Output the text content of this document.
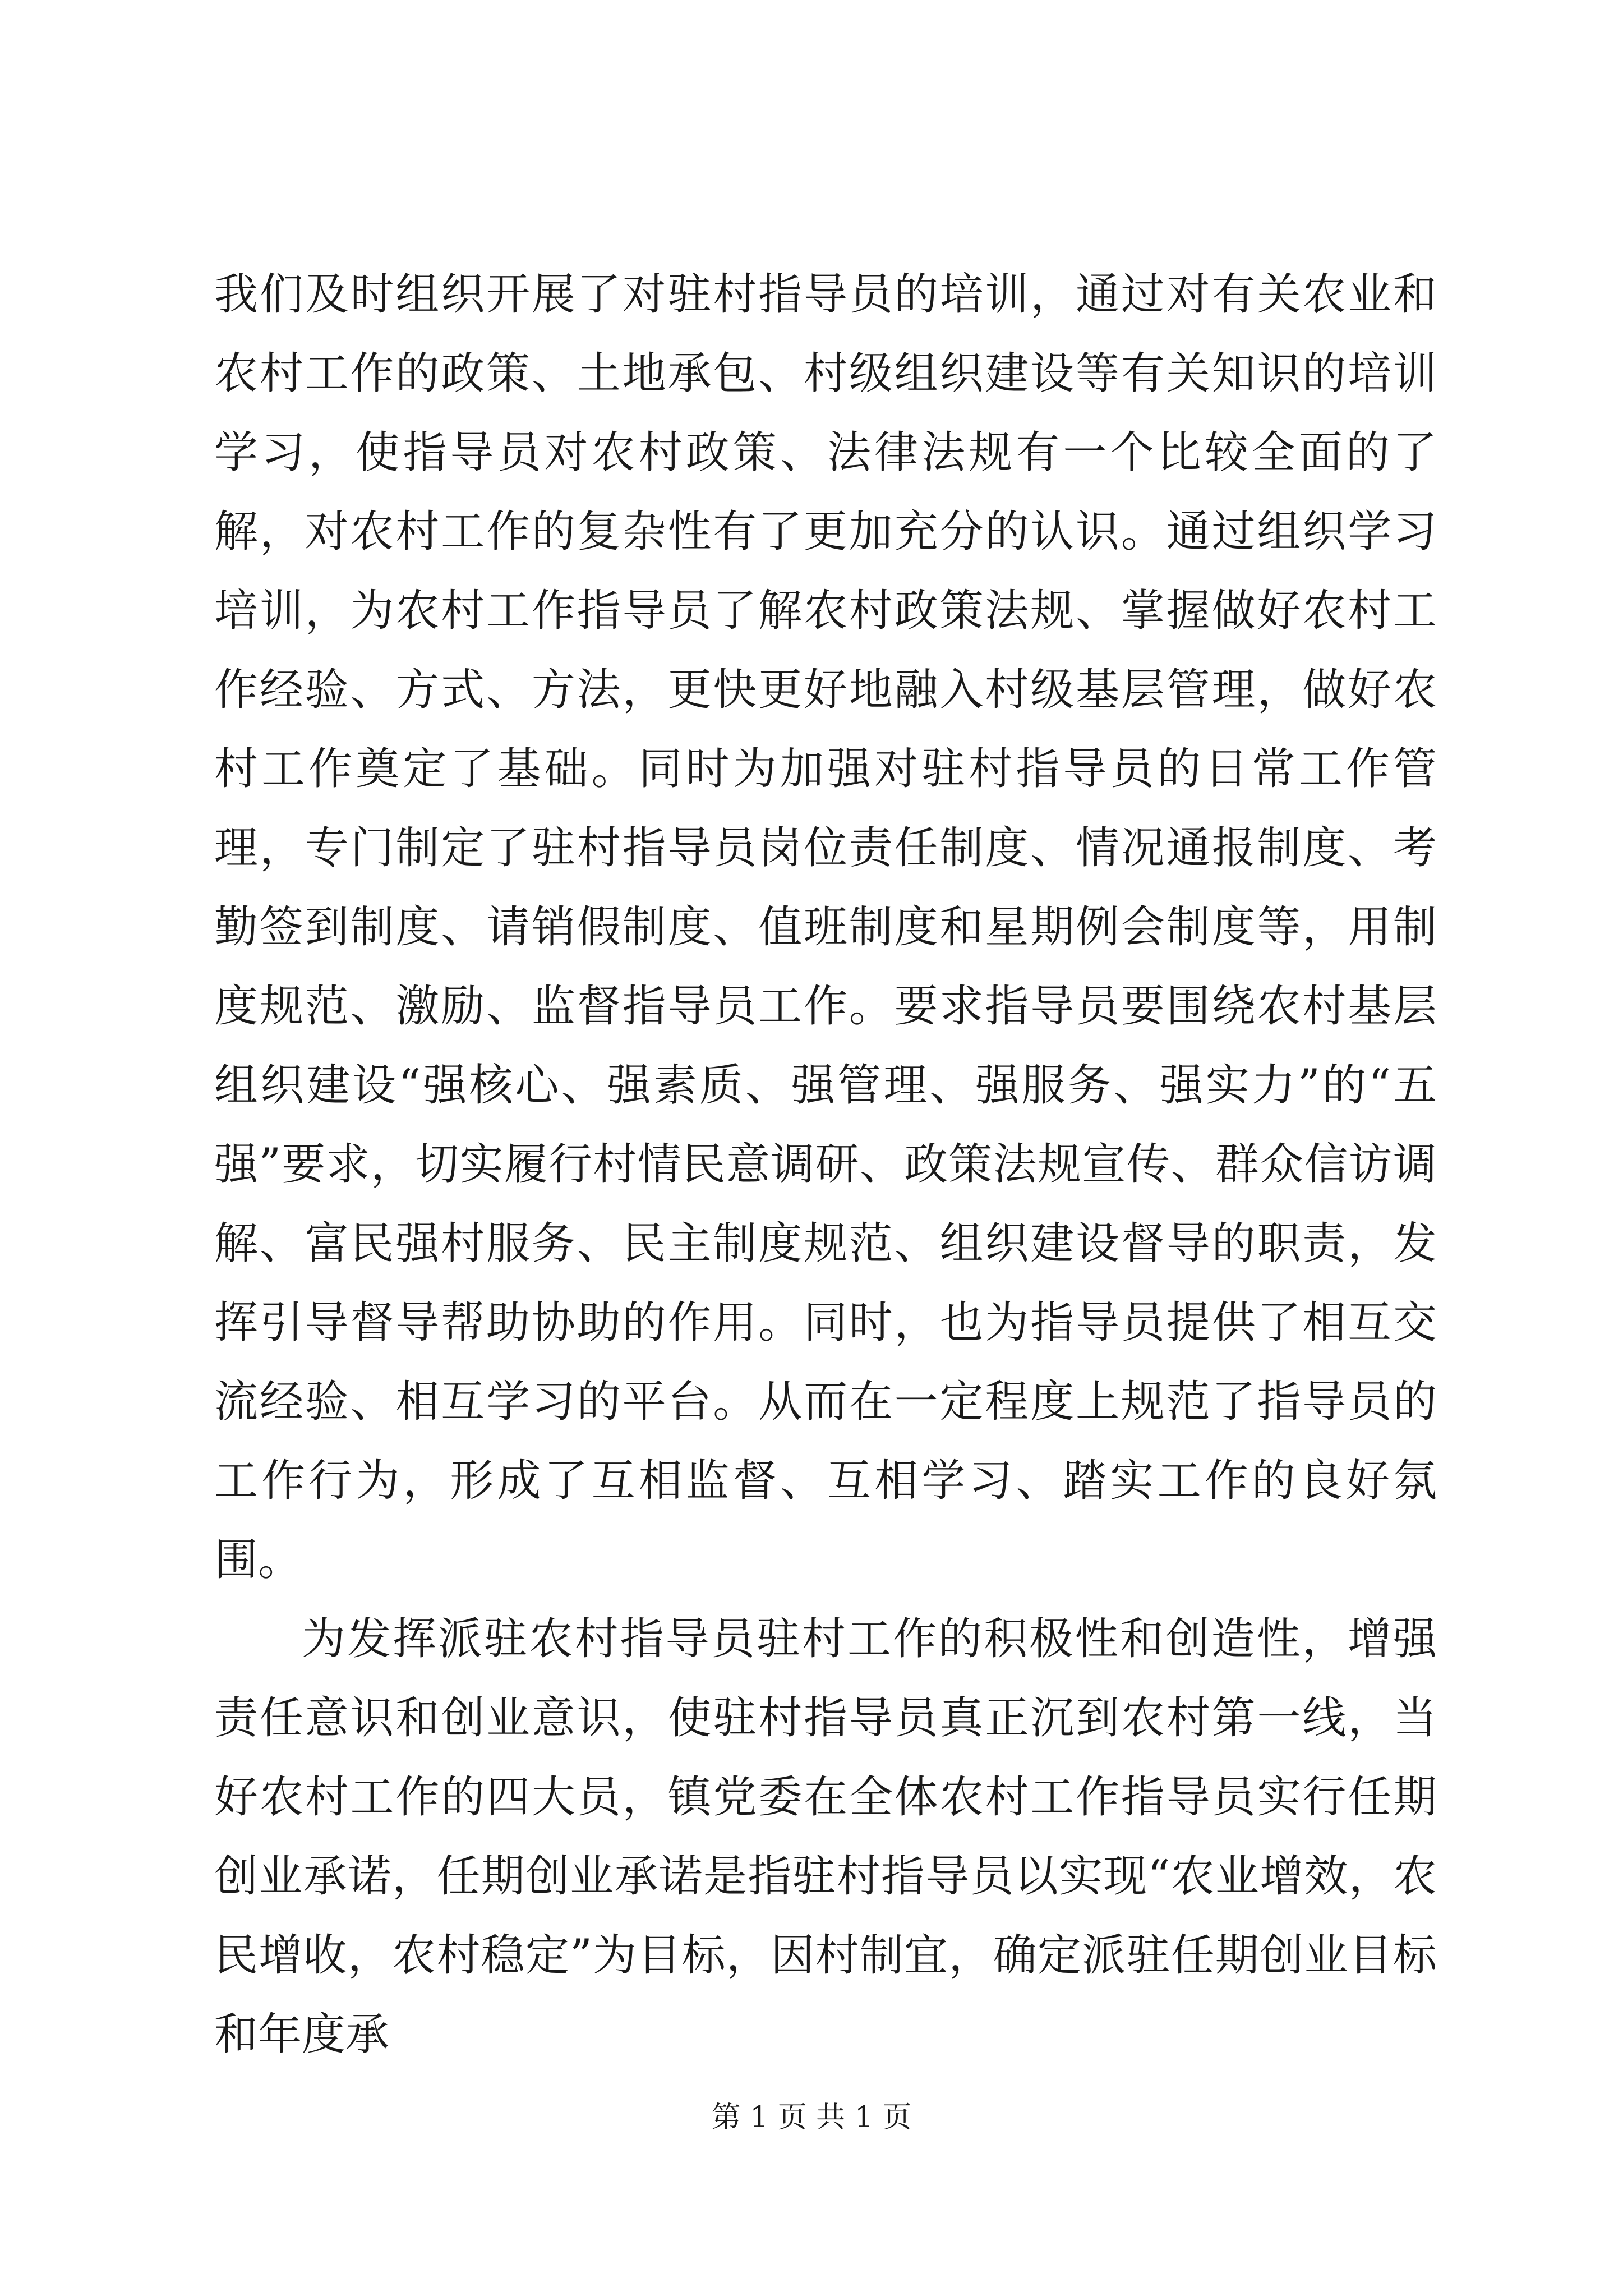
我们及时组织开展了对驻村指导员的培训，通过对有关农业和农村工作的政策、土地承包、村级组织建设等有关知识的培训学习，使指导员对农村政策、法律法规有一个比较全面的了解，对农村工作的复杂性有了更加充分的认识。通过组织学习培训，为农村工作指导员了解农村政策法规、掌握做好农村工作经验、方式、方法，更快更好地融入村级基层管理，做好农村工作奠定了基础。同时为加强对驻村指导员的日常工作管理，专门制定了驻村指导员岗位责任制度、情况通报制度、考勤签到制度、请销假制度、值班制度和星期例会制度等，用制度规范、激励、监督指导员工作。要求指导员要围绕农村基层组织建设“强核心、强素质、强管理、强服务、强实力”的“五强”要求，切实履行村情民意调研、政策法规宣传、群众信访调解、富民强村服务、民主制度规范、组织建设督导的职责，发挥引导督导帮助协助的作用。同时，也为指导员提供了相互交流经验、相互学习的平台。从而在一定程度上规范了指导员的工作行为，形成了互相监督、互相学习、踏实工作的良好氛围。

为发挥派驻农村指导员驻村工作的积极性和创造性，增强责任意识和创业意识，使驻村指导员真正沉到农村第一线，当好农村工作的四大员，镇党委在全体农村工作指导员实行任期创业承诺，任期创业承诺是指驻村指导员以实现“农业增效，农民增收，农村稳定”为目标，因村制宜，确定派驻任期创业目标和年度承

第 1 页 共 1 页
